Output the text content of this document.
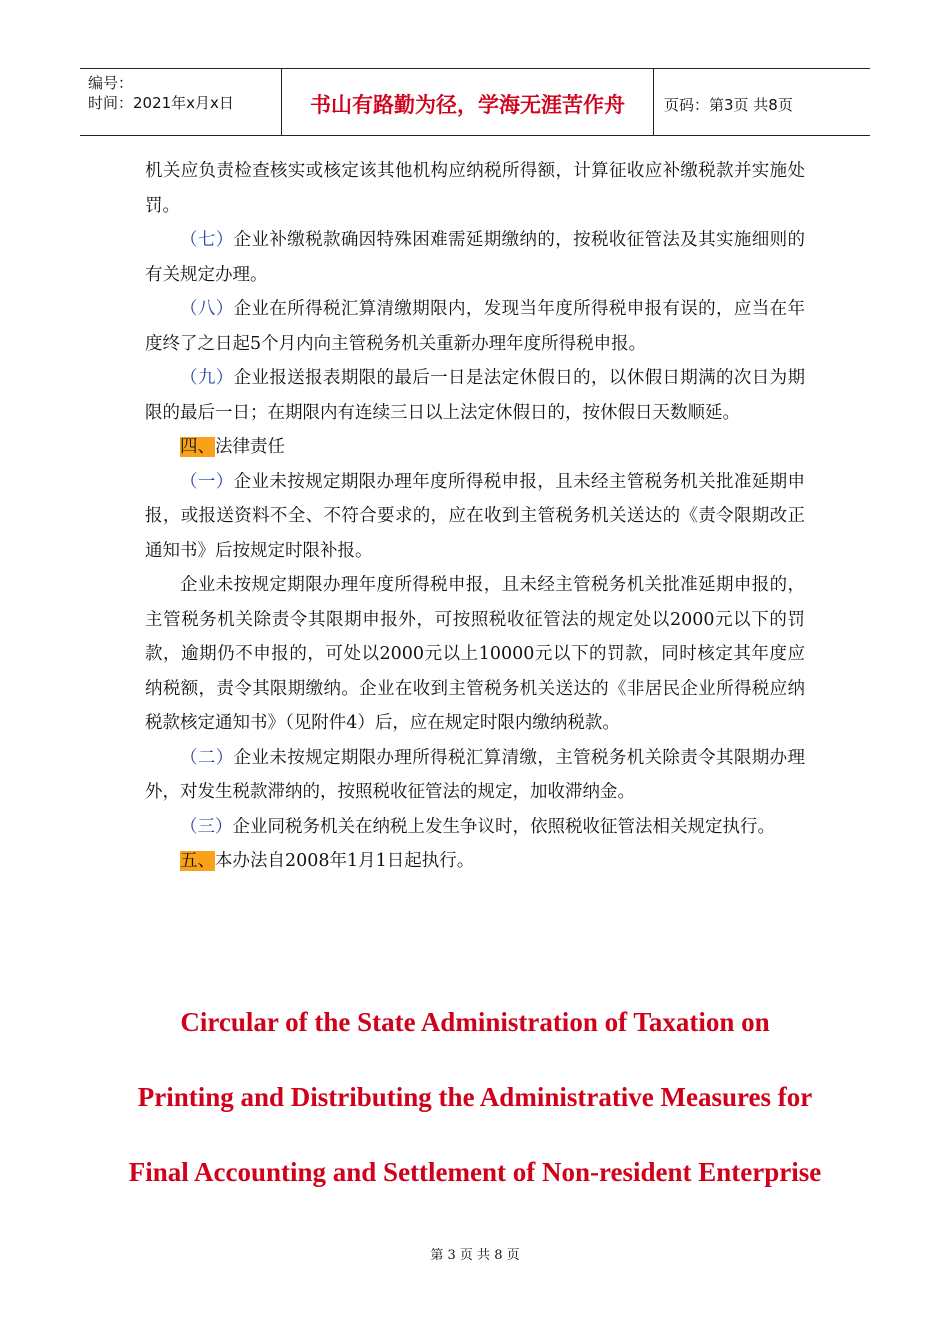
编号：
时间：2021年x月x日	书山有路勤为径，学海无涯苦作舟	页码：第3页 共8页

机关应负责检查核实或核定该其他机构应纳税所得额，计算征收应补缴税款并实施处罚。

（七）企业补缴税款确因特殊困难需延期缴纳的，按税收征管法及其实施细则的有关规定办理。

（八）企业在所得税汇算清缴期限内，发现当年度所得税申报有误的，应当在年度终了之日起5个月内向主管税务机关重新办理年度所得税申报。

（九）企业报送报表期限的最后一日是法定休假日的，以休假日期满的次日为期限的最后一日；在期限内有连续三日以上法定休假日的，按休假日天数顺延。

四、法律责任

（一）企业未按规定期限办理年度所得税申报，且未经主管税务机关批准延期申报，或报送资料不全、不符合要求的，应在收到主管税务机关送达的《责令限期改正通知书》后按规定时限补报。

企业未按规定期限办理年度所得税申报，且未经主管税务机关批准延期申报的，主管税务机关除责令其限期申报外，可按照税收征管法的规定处以2000元以下的罚款，逾期仍不申报的，可处以2000元以上10000元以下的罚款，同时核定其年度应纳税额，责令其限期缴纳。企业在收到主管税务机关送达的《非居民企业所得税应纳税款核定通知书》（见附件4）后，应在规定时限内缴纳税款。

（二）企业未按规定期限办理所得税汇算清缴，主管税务机关除责令其限期办理外，对发生税款滞纳的，按照税收征管法的规定，加收滞纳金。

（三）企业同税务机关在纳税上发生争议时，依照税收征管法相关规定执行。

五、本办法自2008年1月1日起执行。

Circular of the State Administration of Taxation on
Printing and Distributing the Administrative Measures for
Final Accounting and Settlement of Non-resident Enterprise
第 3 页 共 8 页
